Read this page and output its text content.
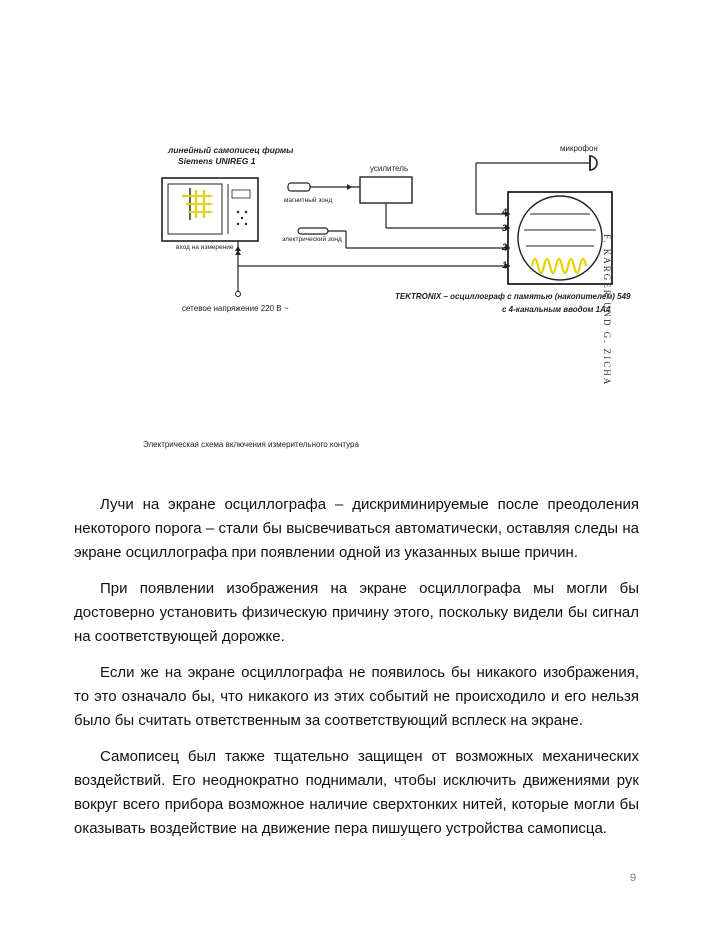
линейный самописец фирмы
Siemens UNIREG 1
усилитель
микрофон
магнитный зонд
электрический зонд
вход на измерение
сетевое напряжение 220 В ~
TEKTRONIX – осциллограф с памятью (накопителем) 549
с 4-канальным вводом 1А4
4
3
2
1
Электрическая схема включения измерительного контура
F. KARGER UND G. ZICHA

Лучи на экране осциллографа – дискриминируемые после преодоления некоторого порога – стали бы высвечиваться автоматически, оставляя следы на экране осциллографа при появлении одной из указанных выше причин.

При появлении изображения на экране осциллографа мы могли бы достоверно установить физическую причину этого, поскольку видели бы сигнал на соответствующей дорожке.

Если же на экране осциллографа не появилось бы никакого изображения, то это означало бы, что никакого из этих событий не происходило и его нельзя было бы считать ответственным за соответствующий всплеск на экране.

Самописец был также тщательно защищен от возможных механических воздействий. Его неоднократно поднимали, чтобы исключить движениями рук вокруг всего прибора возможное наличие сверхтонких нитей, которые могли бы оказывать воздействие на движение пера пишущего устройства самописца.

9
